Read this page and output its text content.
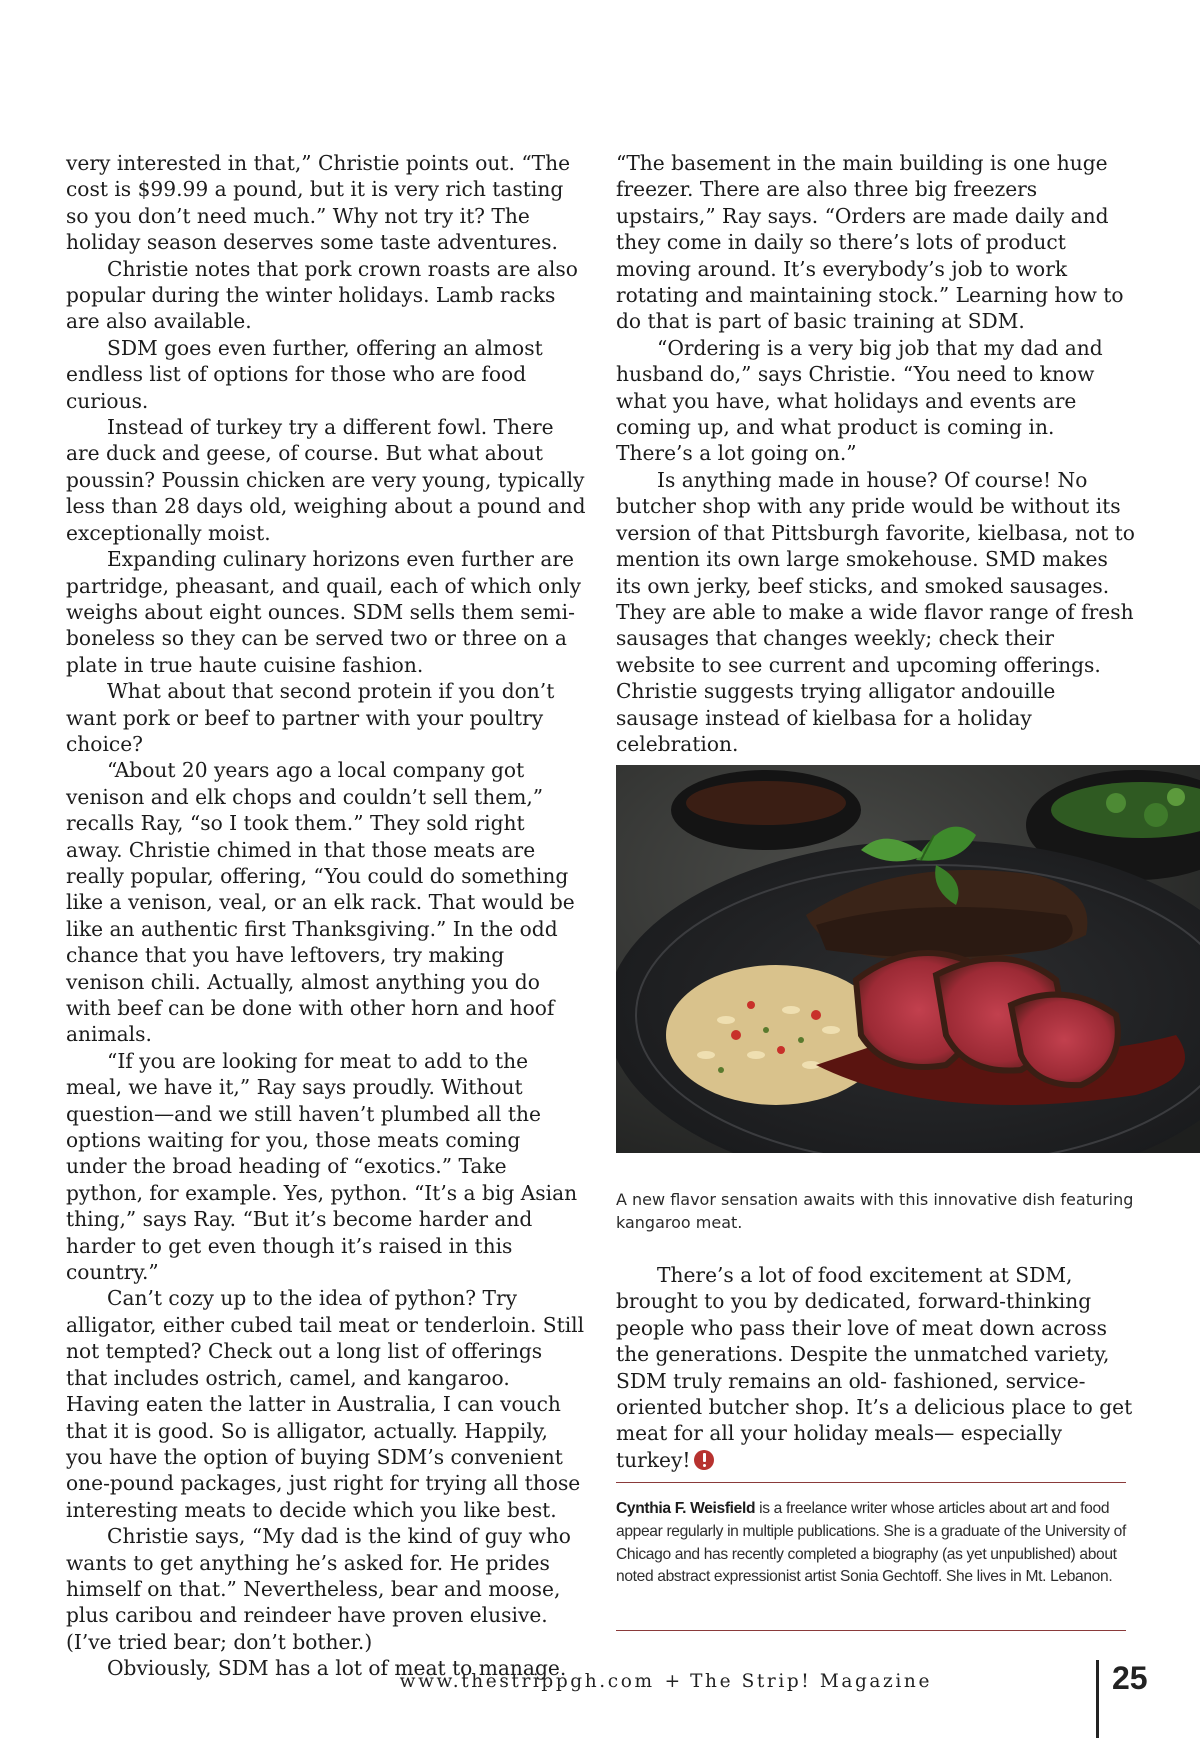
very interested in that,” Christie points out. “The cost is $99.99 a pound, but it is very rich tasting so you don’t need much.” Why not try it? The holiday season deserves some taste adventures.

Christie notes that pork crown roasts are also popular during the winter holidays. Lamb racks are also available.

SDM goes even further, offering an almost endless list of options for those who are food curious.

Instead of turkey try a different fowl. There are duck and geese, of course. But what about poussin? Poussin chicken are very young, typically less than 28 days old, weighing about a pound and exceptionally moist.

Expanding culinary horizons even further are partridge, pheasant, and quail, each of which only weighs about eight ounces. SDM sells them semi-boneless so they can be served two or three on a plate in true haute cuisine fashion.

What about that second protein if you don’t want pork or beef to partner with your poultry choice?

“About 20 years ago a local company got venison and elk chops and couldn’t sell them,” recalls Ray, “so I took them.” They sold right away. Christie chimed in that those meats are really popular, offering, “You could do something like a venison, veal, or an elk rack. That would be like an authentic first Thanksgiving.” In the odd chance that you have leftovers, try making venison chili. Actually, almost anything you do with beef can be done with other horn and hoof animals.

“If you are looking for meat to add to the meal, we have it,” Ray says proudly. Without question—and we still haven’t plumbed all the options waiting for you, those meats coming under the broad heading of “exotics.” Take python, for example. Yes, python. “It’s a big Asian thing,” says Ray. “But it’s become harder and harder to get even though it’s raised in this country.”

Can’t cozy up to the idea of python? Try alligator, either cubed tail meat or tenderloin. Still not tempted? Check out a long list of offerings that includes ostrich, camel, and kangaroo. Having eaten the latter in Australia, I can vouch that it is good. So is alligator, actually. Happily, you have the option of buying SDM’s convenient one-pound packages, just right for trying all those interesting meats to decide which you like best.

Christie says, “My dad is the kind of guy who wants to get anything he’s asked for. He prides himself on that.” Nevertheless, bear and moose, plus caribou and reindeer have proven elusive. (I’ve tried bear; don’t bother.)

Obviously, SDM has a lot of meat to manage.

“The basement in the main building is one huge freezer. There are also three big freezers upstairs,” Ray says. “Orders are made daily and they come in daily so there’s lots of product moving around. It’s everybody’s job to work rotating and maintaining stock.” Learning how to do that is part of basic training at SDM.

“Ordering is a very big job that my dad and husband do,” says Christie. “You need to know what you have, what holidays and events are coming up, and what product is coming in. There’s a lot going on.”

Is anything made in house? Of course! No butcher shop with any pride would be without its version of that Pittsburgh favorite, kielbasa, not to mention its own large smokehouse. SMD makes its own jerky, beef sticks, and smoked sausages. They are able to make a wide flavor range of fresh sausages that changes weekly; check their website to see current and upcoming offerings. Christie suggests trying alligator andouille sausage instead of kielbasa for a holiday celebration.

A new flavor sensation awaits with this innovative dish featuring kangaroo meat.

There’s a lot of food excitement at SDM, brought to you by dedicated, forward-thinking people who pass their love of meat down across the generations. Despite the unmatched variety, SDM truly remains an old- fashioned, service-oriented butcher shop. It’s a delicious place to get meat for all your holiday meals— especially turkey!

Cynthia F. Weisfield is a freelance writer whose articles about art and food appear regularly in multiple publications. She is a graduate of the University of Chicago and has recently completed a biography (as yet unpublished) about noted abstract expressionist artist Sonia Gechtoff. She lives in Mt. Lebanon.
www.thestrippgh.com + The Strip! Magazine	25
